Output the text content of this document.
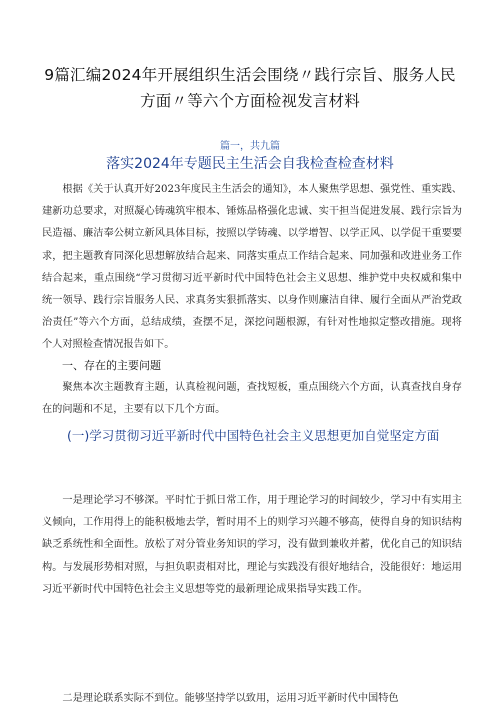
9篇汇编2024年开展组织生活会围绕〃践行宗旨、服务人民方面〃等六个方面检视发言材料
篇一，共九篇
落实2024年专题民主生活会自我检查检查材料
根据《关于认真开好2023年度民主生活会的通知》，本人聚焦学思想、强党性、重实践、建新功总要求，对照凝心铸魂筑牢根本、锤炼品格强化忠诚、实干担当促进发展、践行宗旨为民造福、廉洁奉公树立新风具体目标，按照以学铸魂、以学增智、以学正风、以学促干重要要求，把主题教育同深化思想解放结合起来、同落实重点工作结合起来、同加强和改进业务工作结合起来，重点围绕“学习贯彻习近平新时代中国特色社会主义思想、维护党中央权威和集中统一领导、践行宗旨服务人民、求真务实狠抓落实、以身作则廉洁自律、履行全面从严治党政治责任”等六个方面，总结成绩，查摆不足，深挖问题根源，有针对性地拟定整改措施。现将个人对照检查情况报告如下。
一、存在的主要问题
聚焦本次主题教育主题，认真检视问题，查找短板，重点围绕六个方面，认真查找自身存在的问题和不足，主要有以下几个方面。
(一)学习贯彻习近平新时代中国特色社会主义思想更加自觉坚定方面
一是理论学习不够深。平时忙于抓日常工作，用于理论学习的时间较少，学习中有实用主义倾向，工作用得上的能积极地去学，暂时用不上的则学习兴趣不够高，使得自身的知识结构缺乏系统性和全面性。放松了对分管业务知识的学习，没有做到兼收并蓄，优化自己的知识结构。与发展形势相对照，与担负职责相对比，理论与实践没有很好地结合，没能很好：地运用习近平新时代中国特色社会主义思想等党的最新理论成果指导实践工作。
二是理论联系实际不到位。能够坚持学以致用，运用习近平新时代中国特色
